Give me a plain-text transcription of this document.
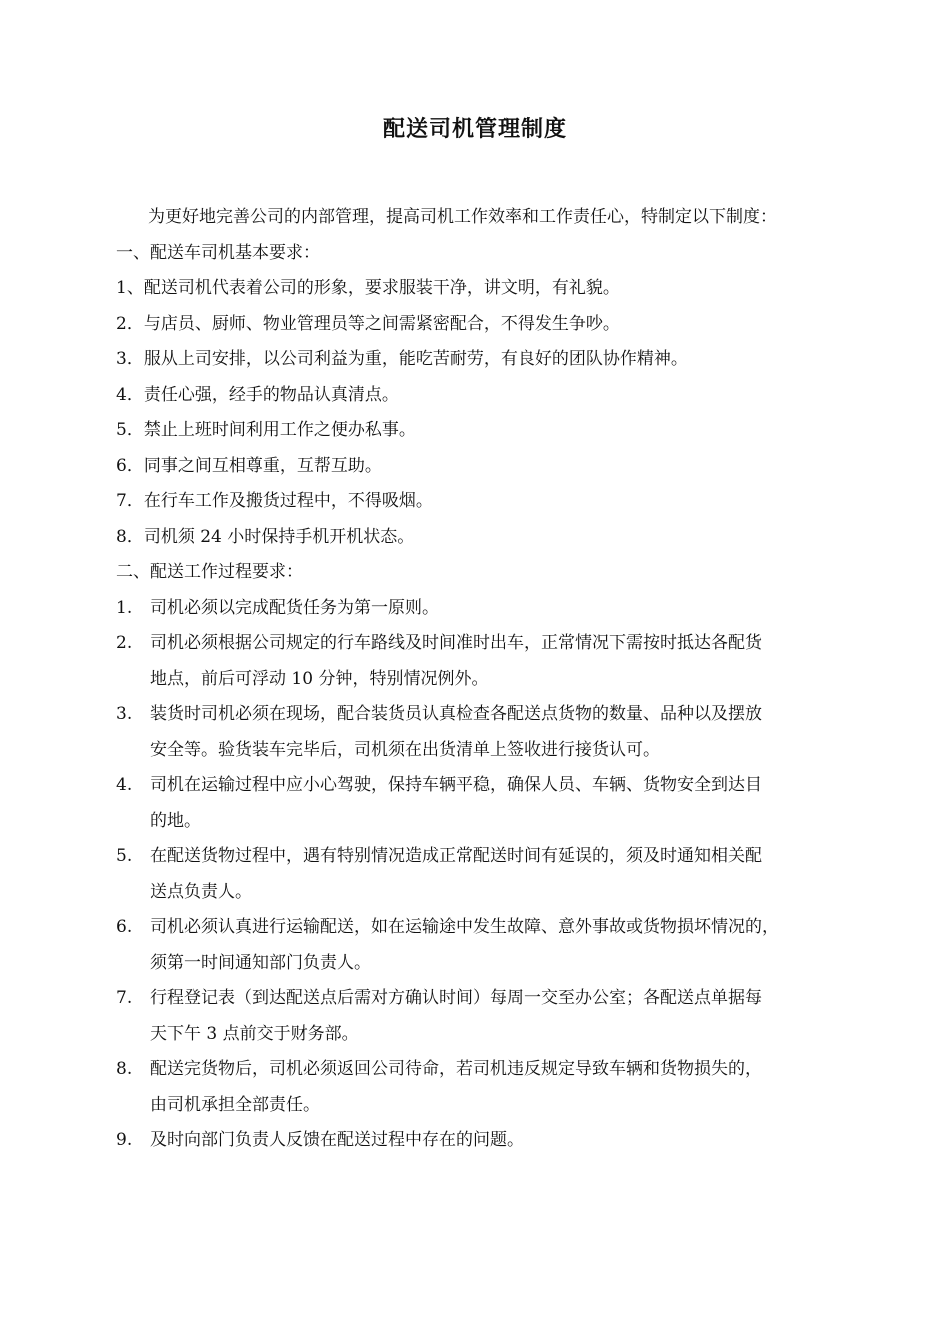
配送司机管理制度
为更好地完善公司的内部管理，提高司机工作效率和工作责任心，特制定以下制度：
一、配送车司机基本要求：
1、配送司机代表着公司的形象，要求服装干净，讲文明，有礼貌。
2．与店员、厨师、物业管理员等之间需紧密配合，不得发生争吵。
3．服从上司安排，以公司利益为重，能吃苦耐劳，有良好的团队协作精神。
4．责任心强，经手的物品认真清点。
5．禁止上班时间利用工作之便办私事。
6．同事之间互相尊重，互帮互助。
7．在行车工作及搬货过程中，不得吸烟。
8．司机须 24 小时保持手机开机状态。
二、配送工作过程要求：
1. 司机必须以完成配货任务为第一原则。
2. 司机必须根据公司规定的行车路线及时间准时出车，正常情况下需按时抵达各配货
地点，前后可浮动 10 分钟，特别情况例外。
3. 装货时司机必须在现场，配合装货员认真检查各配送点货物的数量、品种以及摆放
安全等。验货装车完毕后，司机须在出货清单上签收进行接货认可。
4. 司机在运输过程中应小心驾驶，保持车辆平稳，确保人员、车辆、货物安全到达目
的地。
5. 在配送货物过程中，遇有特别情况造成正常配送时间有延误的，须及时通知相关配
送点负责人。
6. 司机必须认真进行运输配送，如在运输途中发生故障、意外事故或货物损坏情况的，
须第一时间通知部门负责人。
7. 行程登记表（到达配送点后需对方确认时间）每周一交至办公室；各配送点单据每
天下午 3 点前交于财务部。
8. 配送完货物后，司机必须返回公司待命，若司机违反规定导致车辆和货物损失的，
由司机承担全部责任。
9. 及时向部门负责人反馈在配送过程中存在的问题。
